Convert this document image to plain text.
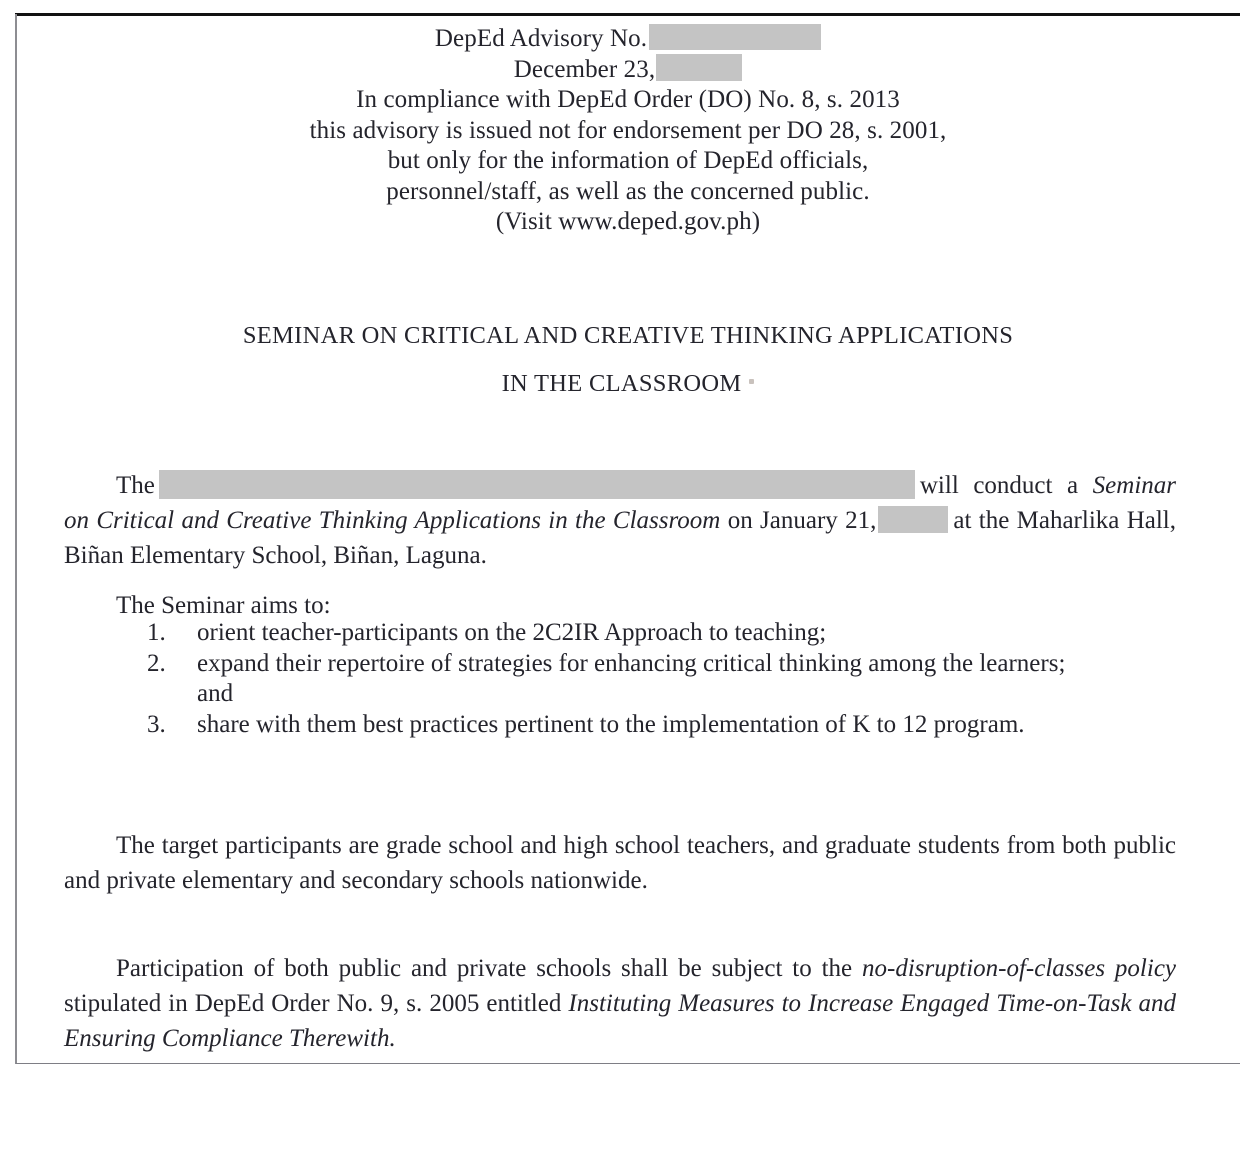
DepEd Advisory No.
December 23,
In compliance with DepEd Order (DO) No. 8, s. 2013
this advisory is issued not for endorsement per DO 28, s. 2001,
but only for the information of DepEd officials,
personnel/staff, as well as the concerned public.
(Visit www.deped.gov.ph)
SEMINAR ON CRITICAL AND CREATIVE THINKING APPLICATIONS
IN THE CLASSROOM

The	will conduct a Seminar on Critical and Creative Thinking Applications in the Classroom on January 21,	at the Maharlika Hall, Biñan Elementary School, Biñan, Laguna.

The Seminar aims to:

1.	orient teacher-participants on the 2C2IR Approach to teaching;
2.	expand their repertoire of strategies for enhancing critical thinking among the learners; and
3.	share with them best practices pertinent to the implementation of K to 12 program.

The target participants are grade school and high school teachers, and graduate students from both public and private elementary and secondary schools nationwide.

Participation of both public and private schools shall be subject to the no-disruption-of-classes policy stipulated in DepEd Order No. 9, s. 2005 entitled Instituting Measures to Increase Engaged Time-on-Task and Ensuring Compliance Therewith.
